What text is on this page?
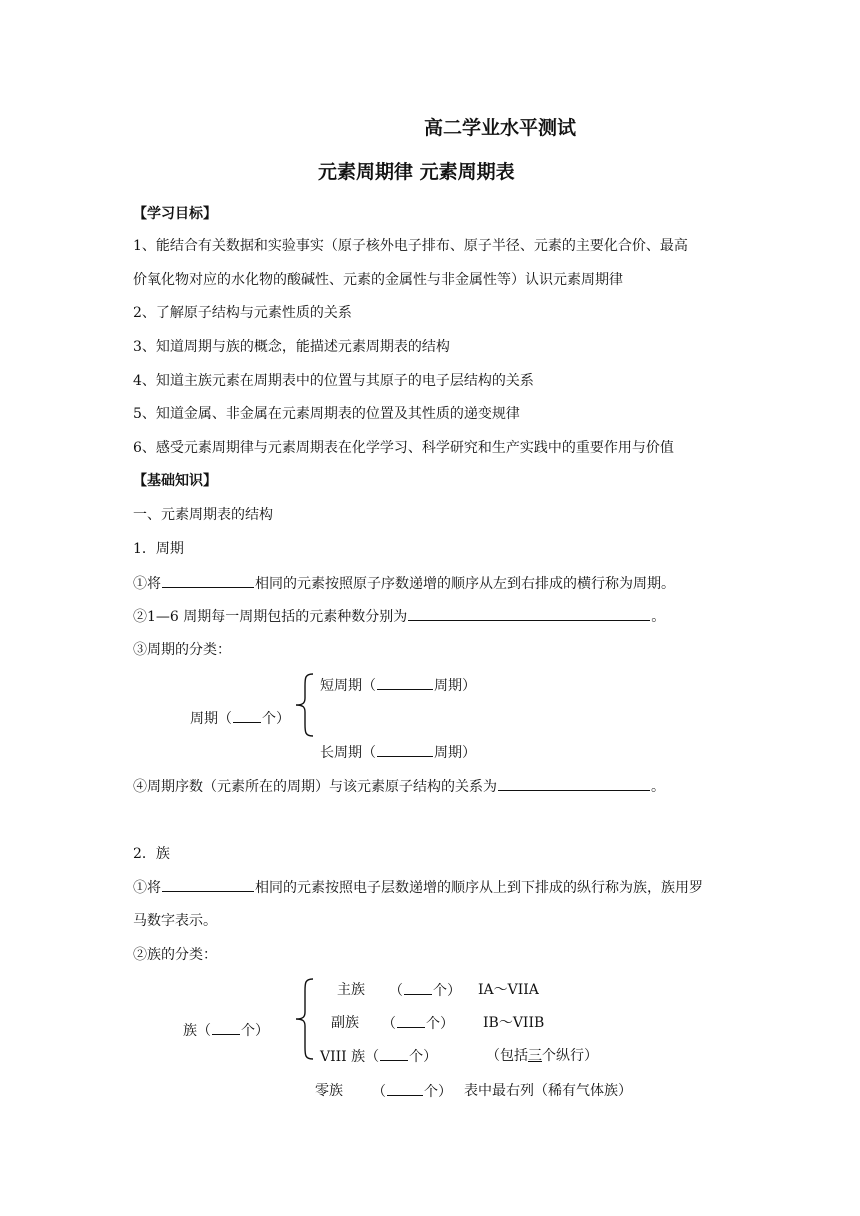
高二学业水平测试
元素周期律 元素周期表
【学习目标】
1、能结合有关数据和实验事实（原子核外电子排布、原子半径、元素的主要化合价、最高
价氧化物对应的水化物的酸碱性、元素的金属性与非金属性等）认识元素周期律
2、了解原子结构与元素性质的关系
3、知道周期与族的概念，能描述元素周期表的结构
4、知道主族元素在周期表中的位置与其原子的电子层结构的关系
5、知道金属、非金属在元素周期表的位置及其性质的递变规律
6、感受元素周期律与元素周期表在化学学习、科学研究和生产实践中的重要作用与价值
【基础知识】
一、元素周期表的结构
1．周期
①将	相同的元素按照原子序数递增的顺序从左到右排成的横行称为周期。
②1—6 周期每一周期包括的元素种数分别为	。
③周期的分类：
短周期（	周期）
周期（ 个）
长周期（	周期）
④周期序数（元素所在的周期）与该元素原子结构的关系为	。
2．族
①将	相同的元素按照电子层数递增的顺序从上到下排成的纵行称为族，族用罗
马数字表示。
②族的分类：
主族 （ 个） IA～VIIA
族（ 个）	副族 （ 个） IB～VIIB
VIII 族（ 个）	（包括三个纵行）
零族 （	个） 表中最右列（稀有气体族）
